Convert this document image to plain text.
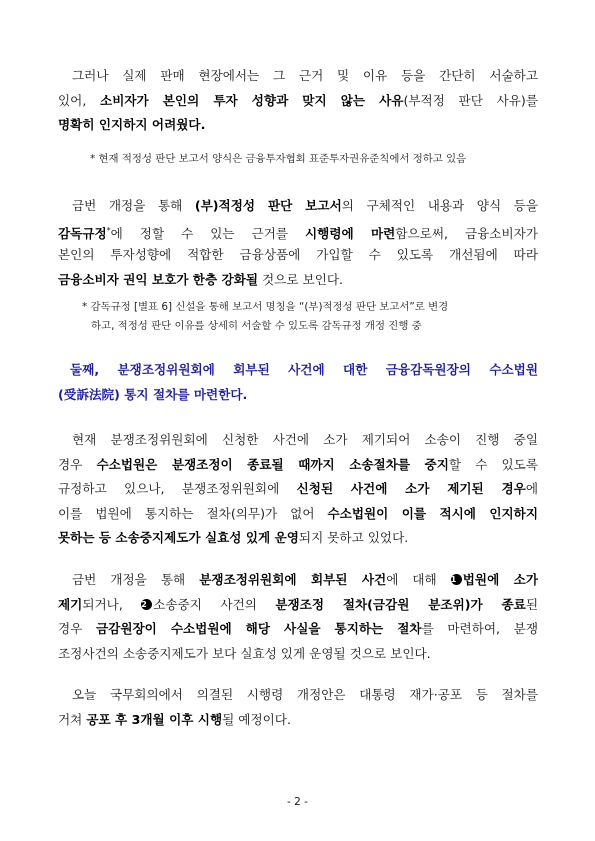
그러나 실제 판매 현장에서는 그 근거 및 이유 등을 간단히 서술하고
있어, 소비자가 본인의 투자 성향과 맞지 않는 사유(부적정 판단 사유)를
명확히 인지하지 어려웠다.
* 현재 적정성 판단 보고서 양식은 금융투자협회 표준투자권유준칙에서 정하고 있음
금번 개정을 통해 (부)적정성 판단 보고서의 구체적인 내용과 양식 등을
감독규정*에 정할 수 있는 근거를 시행령에 마련함으로써, 금융소비자가
본인의 투자성향에 적합한 금융상품에 가입할 수 있도록 개선됨에 따라
금융소비자 권익 보호가 한층 강화될 것으로 보인다.
* 감독규정 [별표 6] 신설을 통해 보고서 명칭을 “(부)적정성 판단 보고서”로 변경
하고, 적정성 판단 이유를 상세히 서술할 수 있도록 감독규정 개정 진행 중
둘째, 분쟁조정위원회에 회부된 사건에 대한 금융감독원장의 수소법원
(受訴法院) 통지 절차를 마련한다.
현재 분쟁조정위원회에 신청한 사건에 소가 제기되어 소송이 진행 중일
경우 수소법원은 분쟁조정이 종료될 때까지 소송절차를 중지할 수 있도록
규정하고 있으나, 분쟁조정위원회에 신청된 사건에 소가 제기된 경우에
이를 법원에 통지하는 절차(의무)가 없어 수소법원이 이를 적시에 인지하지
못하는 등 소송중지제도가 실효성 있게 운영되지 못하고 있었다.
금번 개정을 통해 분쟁조정위원회에 회부된 사건에 대해 1 법원에 소가
제기되거나, 2 소송중지 사건의 분쟁조정 절차(금감원 분조위)가 종료된
경우 금감원장이 수소법원에 해당 사실을 통지하는 절차를 마련하여, 분쟁
조정사건의 소송중지제도가 보다 실효성 있게 운영될 것으로 보인다.
오늘 국무회의에서 의결된 시행령 개정안은 대통령 재가·공포 등 절차를
거쳐 공포 후 3개월 이후 시행될 예정이다.
- 2 -
